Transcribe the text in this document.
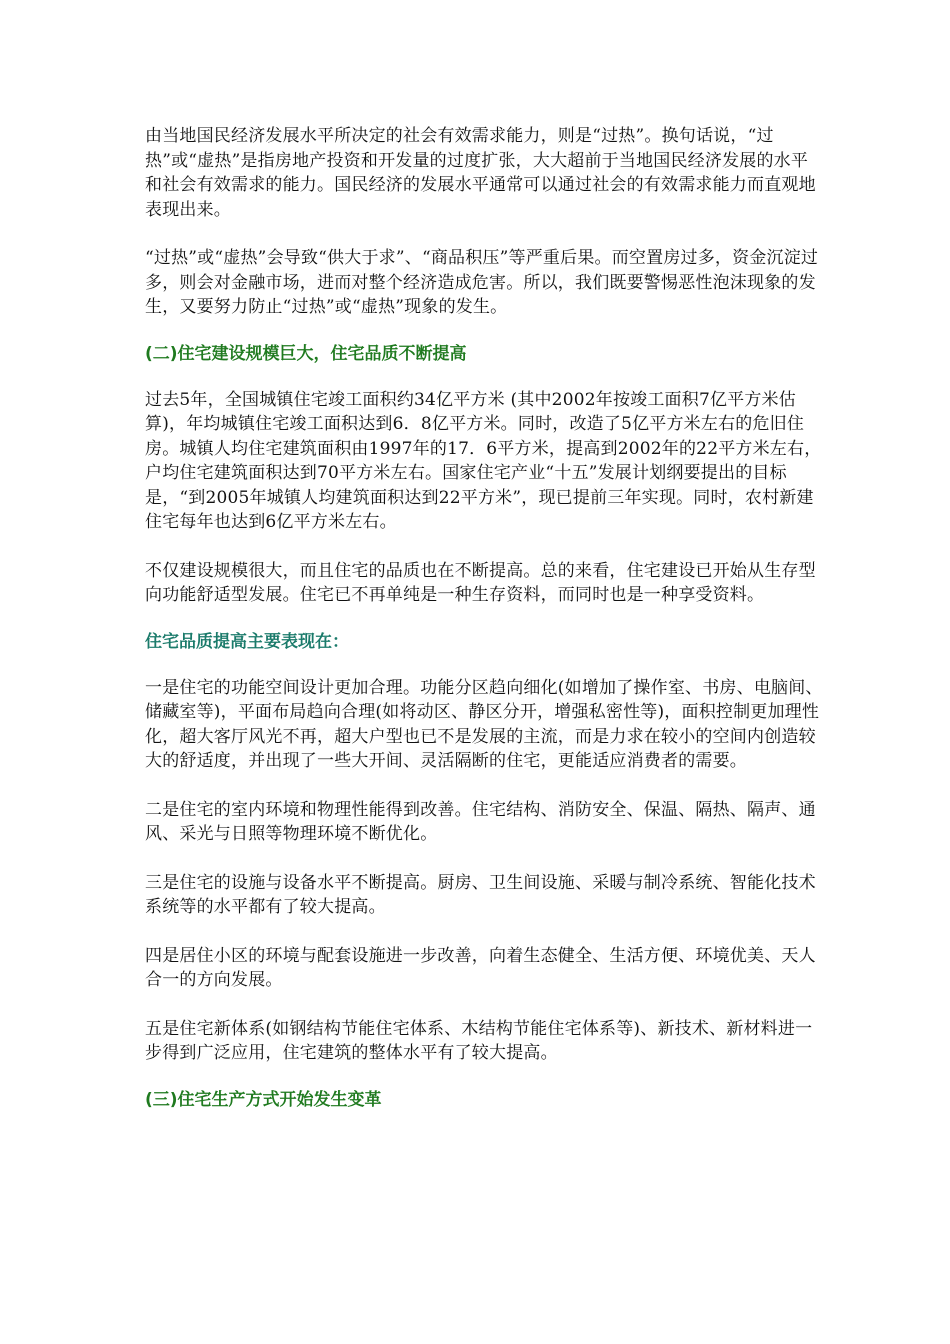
由当地国民经济发展水平所决定的社会有效需求能力，则是“过热”。换句话说，“过热”或“虚热”是指房地产投资和开发量的过度扩张，大大超前于当地国民经济发展的水平和社会有效需求的能力。国民经济的发展水平通常可以通过社会的有效需求能力而直观地表现出来。

“过热”或“虚热”会导致“供大于求”、“商品积压”等严重后果。而空置房过多，资金沉淀过多，则会对金融市场，进而对整个经济造成危害。所以，我们既要警惕恶性泡沫现象的发生，又要努力防止“过热”或“虚热”现象的发生。

(二)住宅建设规模巨大，住宅品质不断提高

过去5年，全国城镇住宅竣工面积约34亿平方米 (其中2002年按竣工面积7亿平方米估算)，年均城镇住宅竣工面积达到6．8亿平方米。同时，改造了5亿平方米左右的危旧住房。城镇人均住宅建筑面积由1997年的17．6平方米，提高到2002年的22平方米左右，户均住宅建筑面积达到70平方米左右。国家住宅产业“十五”发展计划纲要提出的目标是，“到2005年城镇人均建筑面积达到22平方米”，现已提前三年实现。同时，农村新建住宅每年也达到6亿平方米左右。

不仅建设规模很大，而且住宅的品质也在不断提高。总的来看，住宅建设已开始从生存型向功能舒适型发展。住宅已不再单纯是一种生存资料，而同时也是一种享受资料。

住宅品质提高主要表现在：

一是住宅的功能空间设计更加合理。功能分区趋向细化(如增加了操作室、书房、电脑间、储藏室等)，平面布局趋向合理(如将动区、静区分开，增强私密性等)，面积控制更加理性化，超大客厅风光不再，超大户型也已不是发展的主流，而是力求在较小的空间内创造较大的舒适度，并出现了一些大开间、灵活隔断的住宅，更能适应消费者的需要。

二是住宅的室内环境和物理性能得到改善。住宅结构、消防安全、保温、隔热、隔声、通风、采光与日照等物理环境不断优化。

三是住宅的设施与设备水平不断提高。厨房、卫生间设施、采暖与制冷系统、智能化技术系统等的水平都有了较大提高。

四是居住小区的环境与配套设施进一步改善，向着生态健全、生活方便、环境优美、天人合一的方向发展。

五是住宅新体系(如钢结构节能住宅体系、木结构节能住宅体系等)、新技术、新材料进一步得到广泛应用，住宅建筑的整体水平有了较大提高。

(三)住宅生产方式开始发生变革
